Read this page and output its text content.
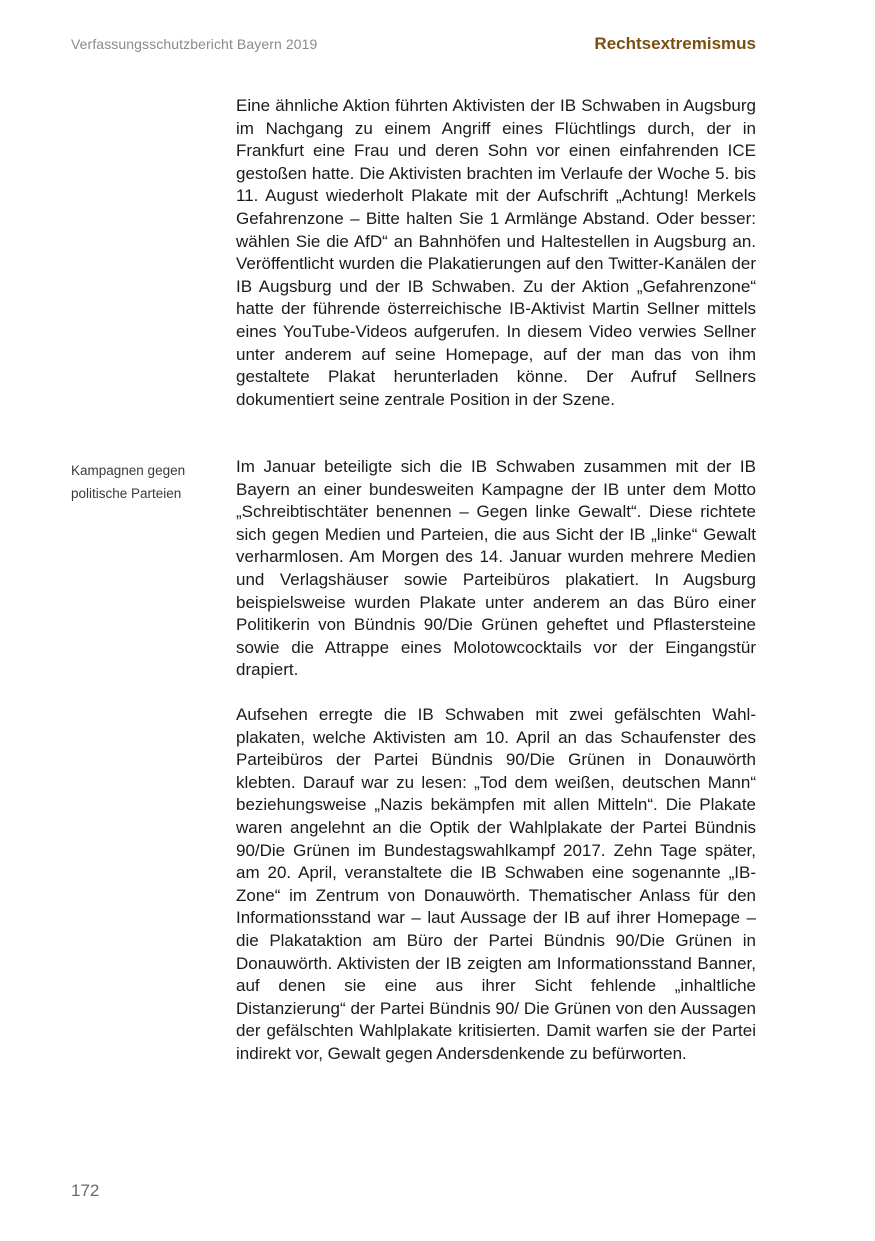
Verfassungsschutzbericht Bayern 2019	Rechtsextremismus

Eine ähnliche Aktion führten Aktivisten der IB Schwaben in Augsburg im Nachgang zu einem Angriff eines Flüchtlings durch, der in Frankfurt eine Frau und deren Sohn vor einen einfahrenden ICE gestoßen hatte. Die Aktivisten brachten im Verlaufe der Woche 5. bis 11. August wiederholt Plakate mit der Aufschrift „Achtung! Merkels Gefahrenzone – Bitte halten Sie 1 Armlänge Abstand. Oder besser: wählen Sie die AfD“ an Bahnhöfen und Haltestellen in Augsburg an. Veröffentlicht wurden die Plakatierungen auf den Twitter-Kanälen der IB Augsburg und der IB Schwaben. Zu der Aktion „Gefahrenzone“ hatte der führende österreichische IB-Aktivist Martin Sellner mittels eines YouTube-Videos aufgerufen. In diesem Video verwies Sellner unter anderem auf seine Homepage, auf der man das von ihm gestaltete Plakat herunterladen könne. Der Aufruf Sellners dokumentiert seine zentrale Position in der Szene.

Kampagnen gegen
politische Parteien

Im Januar beteiligte sich die IB Schwaben zusammen mit der IB Bayern an einer bundesweiten Kampagne der IB unter dem Motto „Schreibtischtäter benennen – Gegen linke Gewalt“. Diese richtete sich gegen Medien und Parteien, die aus Sicht der IB „linke“ Gewalt verharmlosen. Am Morgen des 14. Januar wurden mehrere Medien und Verlagshäuser sowie Parteibüros plakatiert. In Augsburg beispielsweise wurden Plakate unter anderem an das Büro einer Politikerin von Bündnis 90/Die Grünen geheftet und Pflastersteine sowie die Attrappe eines Molotowcocktails vor der Eingangstür drapiert.

Aufsehen erregte die IB Schwaben mit zwei gefälschten Wahlplakaten, welche Aktivisten am 10. April an das Schaufenster des Parteibüros der Partei Bündnis 90/Die Grünen in Donauwörth klebten. Darauf war zu lesen: „Tod dem weißen, deutschen Mann“ beziehungsweise „Nazis bekämpfen mit allen Mitteln“. Die Plakate waren angelehnt an die Optik der Wahlplakate der Partei Bündnis 90/Die Grünen im Bundestagswahlkampf 2017. Zehn Tage später, am 20. April, veranstaltete die IB Schwaben eine sogenannte „IB-Zone“ im Zentrum von Donauwörth. Thematischer Anlass für den Informationsstand war – laut Aussage der IB auf ihrer Homepage – die Plakataktion am Büro der Partei Bündnis 90/Die Grünen in Donauwörth. Aktivisten der IB zeigten am Informationsstand Banner, auf denen sie eine aus ihrer Sicht fehlende „inhaltliche Distanzierung“ der Partei Bündnis 90/ Die Grünen von den Aussagen der gefälschten Wahlplakate kritisierten. Damit warfen sie der Partei indirekt vor, Gewalt gegen Andersdenkende zu befürworten.

172
